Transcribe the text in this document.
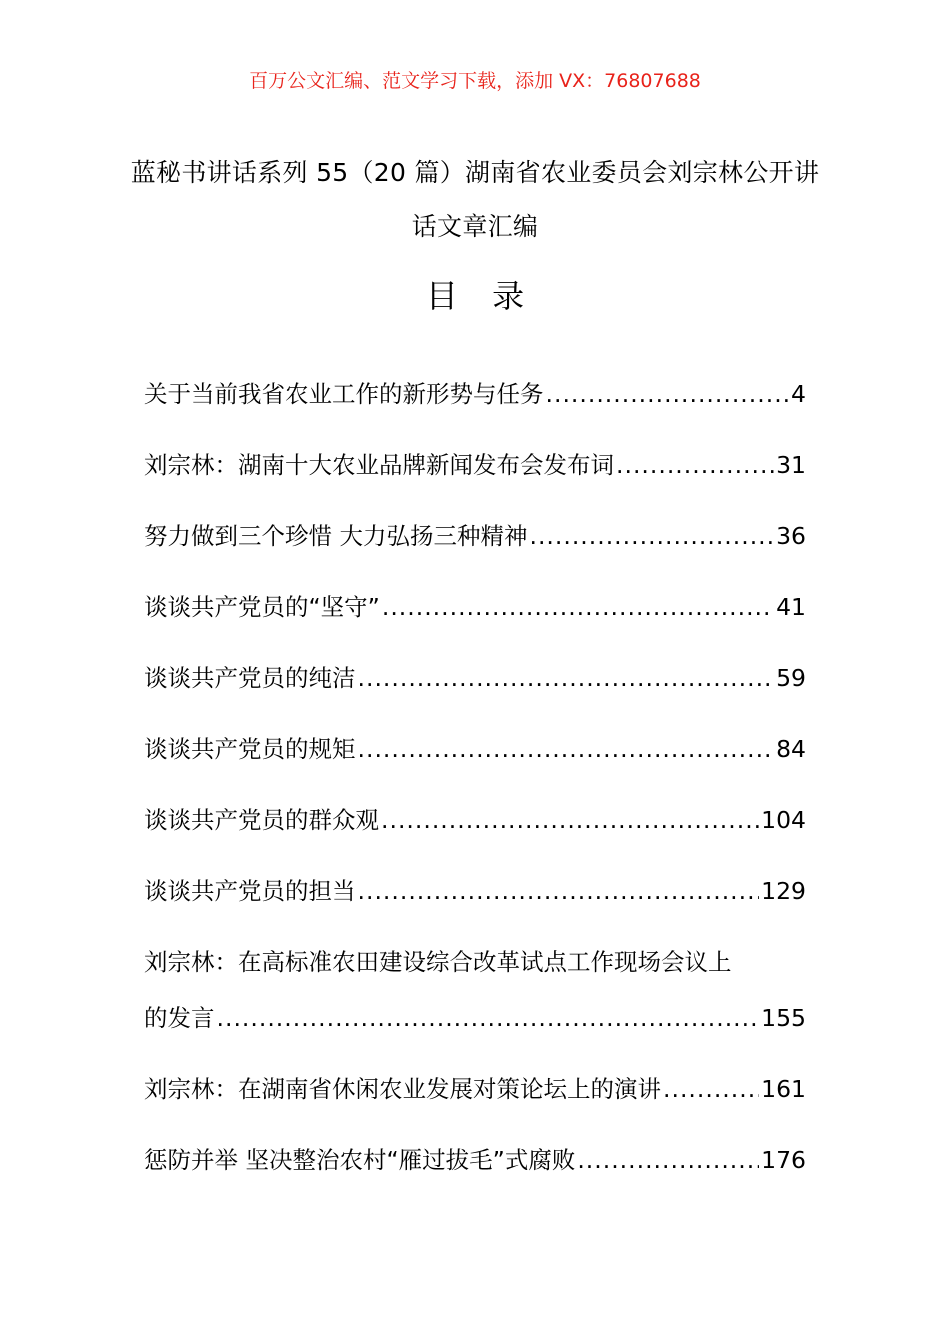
百万公文汇编、范文学习下载，添加 VX：76807688
蓝秘书讲话系列 55（20 篇）湖南省农业委员会刘宗林公开讲话文章汇编
目 录
关于当前我省农业工作的新形势与任务 .....	4
刘宗林：湖南十大农业品牌新闻发布会发布词 .....	31
努力做到三个珍惜 大力弘扬三种精神 .....	36
谈谈共产党员的“坚守” .....	41
谈谈共产党员的纯洁 .....	59
谈谈共产党员的规矩 .....	84
谈谈共产党员的群众观 .....	104
谈谈共产党员的担当 .....	129
刘宗林：在高标准农田建设综合改革试点工作现场会议上
的发言 .....	155
刘宗林：在湖南省休闲农业发展对策论坛上的演讲 .....	161
惩防并举 坚决整治农村“雁过拔毛”式腐败 .....	176
